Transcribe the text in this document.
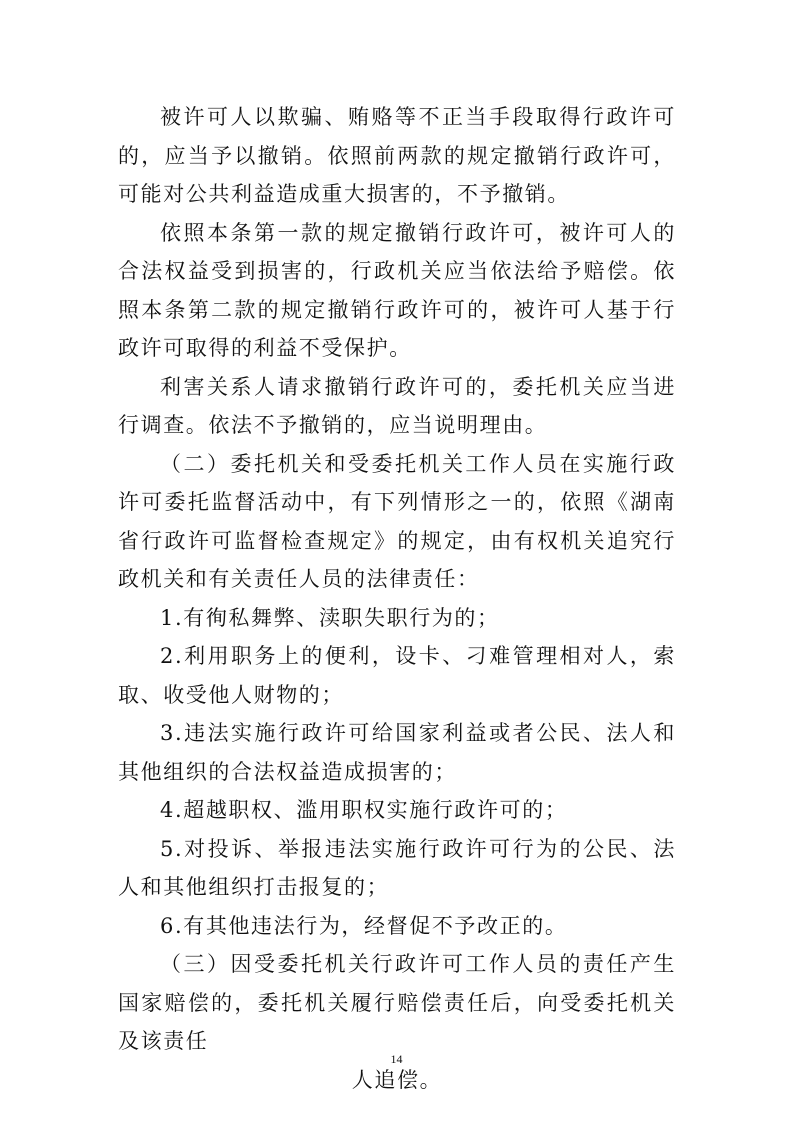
被许可人以欺骗、贿赂等不正当手段取得行政许可的，应当予以撤销。依照前两款的规定撤销行政许可，可能对公共利益造成重大损害的，不予撤销。

依照本条第一款的规定撤销行政许可，被许可人的合法权益受到损害的，行政机关应当依法给予赔偿。依照本条第二款的规定撤销行政许可的，被许可人基于行政许可取得的利益不受保护。

利害关系人请求撤销行政许可的，委托机关应当进行调查。依法不予撤销的，应当说明理由。

（二）委托机关和受委托机关工作人员在实施行政许可委托监督活动中，有下列情形之一的，依照《湖南省行政许可监督检查规定》的规定，由有权机关追究行政机关和有关责任人员的法律责任：

1.有徇私舞弊、渎职失职行为的；

2.利用职务上的便利，设卡、刁难管理相对人，索取、收受他人财物的；

3.违法实施行政许可给国家利益或者公民、法人和其他组织的合法权益造成损害的；

4.超越职权、滥用职权实施行政许可的；

5.对投诉、举报违法实施行政许可行为的公民、法人和其他组织打击报复的；

6.有其他违法行为，经督促不予改正的。

（三）因受委托机关行政许可工作人员的责任产生国家赔偿的，委托机关履行赔偿责任后，向受委托机关及该责任

人追偿。

14
